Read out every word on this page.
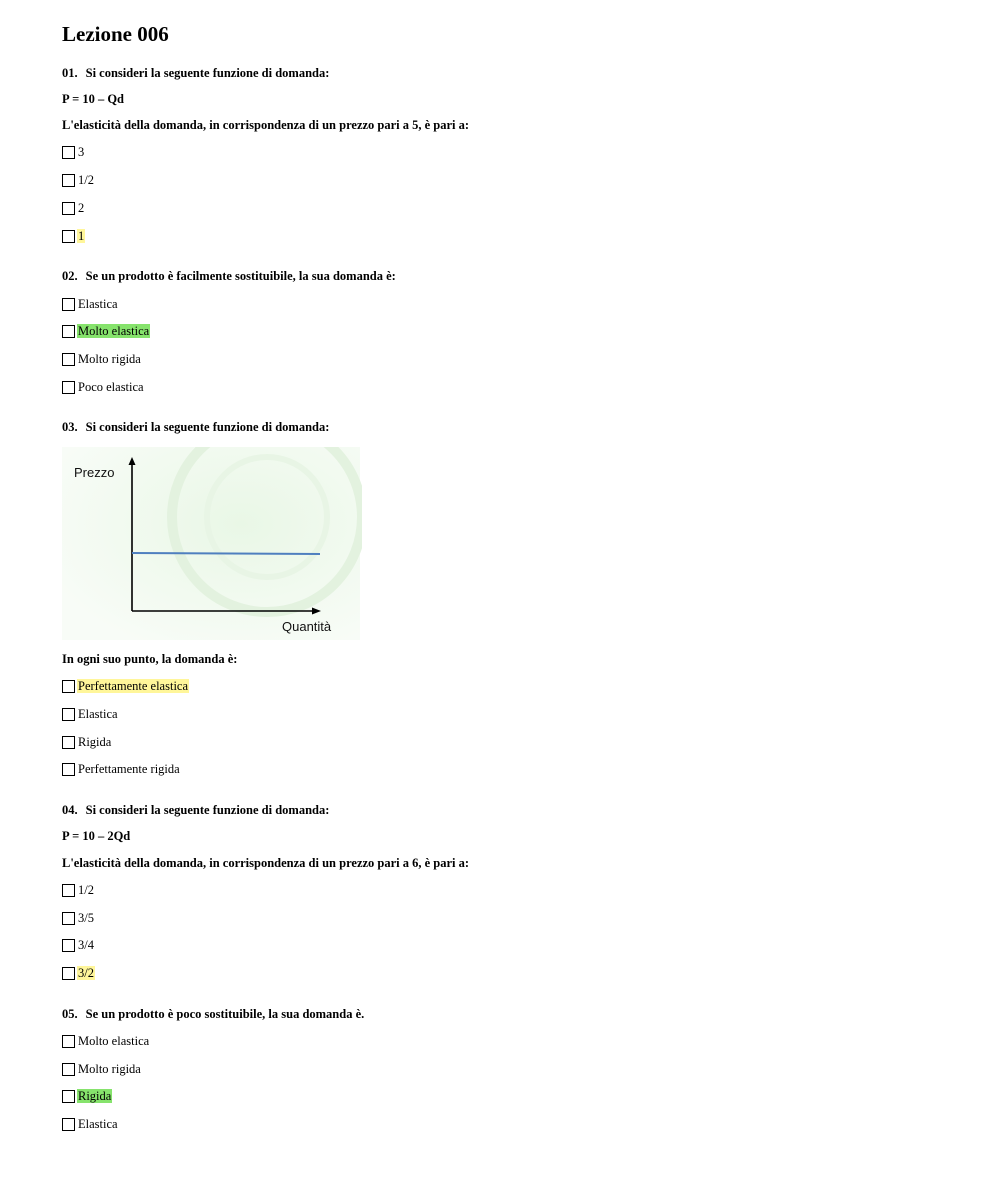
Lezione 006
01. Si consideri la seguente funzione di domanda:
P = 10 – Qd
L'elasticità della domanda, in corrispondenza di un prezzo pari a 5, è pari a:
3
1/2
2
1
02. Se un prodotto è facilmente sostituibile, la sua domanda è:
Elastica
Molto elastica
Molto rigida
Poco elastica
03. Si consideri la seguente funzione di domanda:
Prezzo
Quantità
In ogni suo punto, la domanda è:
Perfettamente elastica
Elastica
Rigida
Perfettamente rigida
04. Si consideri la seguente funzione di domanda:
P = 10 – 2Qd
L'elasticità della domanda, in corrispondenza di un prezzo pari a 6, è pari a:
1/2
3/5
3/4
3/2
05. Se un prodotto è poco sostituibile, la sua domanda è.
Molto elastica
Molto rigida
Rigida
Elastica
